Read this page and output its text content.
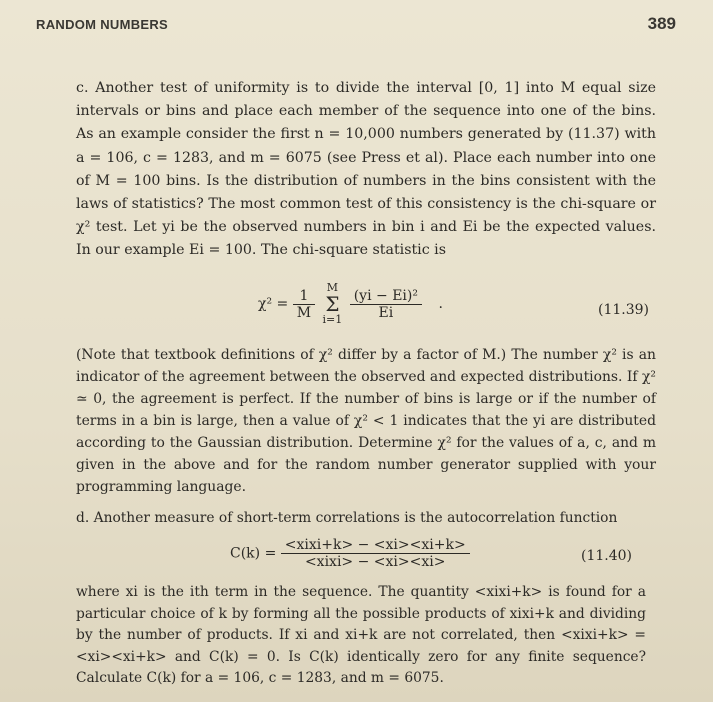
RANDOM NUMBERS	389

c. Another test of uniformity is to divide the interval [0, 1] into M equal size intervals or bins and place each member of the sequence into one of the bins. As an example consider the first n = 10,000 numbers generated by (11.37) with a = 106, c = 1283, and m = 6075 (see Press et al). Place each number into one of M = 100 bins. Is the distribution of numbers in the bins consistent with the laws of statistics? The most common test of this consistency is the chi-square or χ² test. Let yi be the observed numbers in bin i and Ei be the expected values. In our example Ei = 100. The chi-square statistic is

$\chi^2 = \frac{1}{M}$ M
Σ
$i=1 \frac{\text{(yi − Ei)²}}{Ei}$ .	(11.39)

(Note that textbook definitions of χ² differ by a factor of M.) The number χ² is an indicator of the agreement between the observed and expected distributions. If χ² ≃ 0, the agreement is perfect. If the number of bins is large or if the number of terms in a bin is large, then a value of χ² < 1 indicates that the yi are distributed according to the Gaussian distribution. Determine χ² for the values of a, c, and m given in the above and for the random number generator supplied with your programming language.

d. Another measure of short-term correlations is the autocorrelation function

$C(k) = \frac{\text{<xixi+k> − <xi><xi+k>}}{\text{<xixi> − <xi><xi>}}$	(11.40)

where xi is the ith term in the sequence. The quantity <xixi+k> is found for a particular choice of k by forming all the possible products of xixi+k and dividing by the number of products. If xi and xi+k are not correlated, then <xixi+k> = <xi><xi+k> and C(k) = 0. Is C(k) identically zero for any finite sequence? Calculate C(k) for a = 106, c = 1283, and m = 6075.
